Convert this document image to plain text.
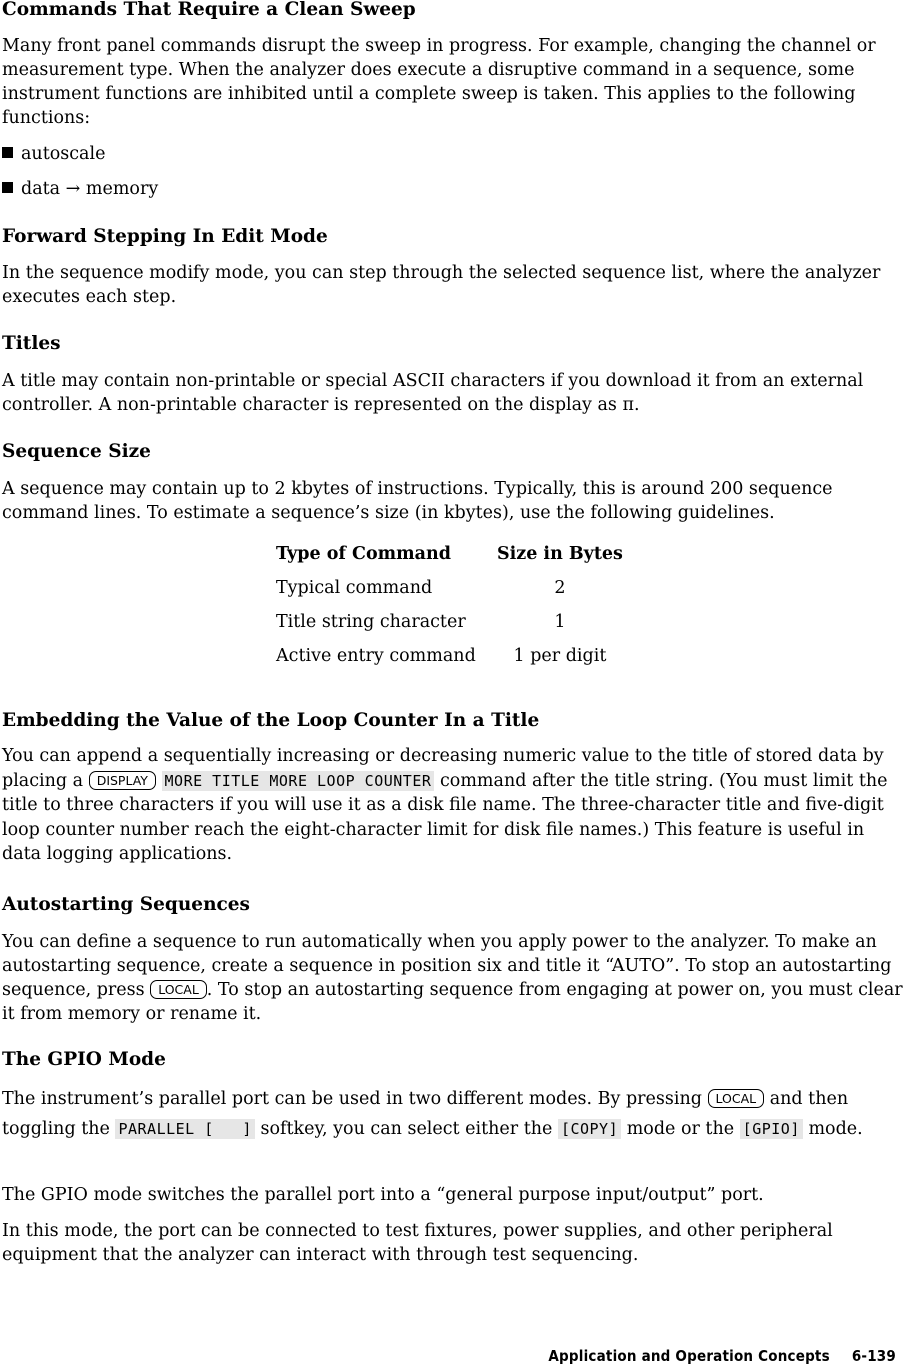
Commands That Require a Clean Sweep

Many front panel commands disrupt the sweep in progress. For example, changing the channel or measurement type. When the analyzer does execute a disruptive command in a sequence, some instrument functions are inhibited until a complete sweep is taken. This applies to the following functions:

autoscale
data → memory
Forward Stepping In Edit Mode

In the sequence modify mode, you can step through the selected sequence list, where the analyzer executes each step.

Titles

A title may contain non-printable or special ASCII characters if you download it from an external controller. A non-printable character is represented on the display as π.

Sequence Size

A sequence may contain up to 2 kbytes of instructions. Typically, this is around 200 sequence command lines. To estimate a sequence’s size (in kbytes), use the following guidelines.

Type of Command	Size in Bytes
Typical command	2
Title string character	1
Active entry command	1 per digit
Embedding the Value of the Loop Counter In a Title

You can append a sequentially increasing or decreasing numeric value to the title of stored data by placing a DISPLAY MORE TITLE MORE LOOP COUNTER command after the title string. (You must limit the title to three characters if you will use it as a disk file name. The three-character title and five-digit loop counter number reach the eight-character limit for disk file names.) This feature is useful in data logging applications.

Autostarting Sequences

You can define a sequence to run automatically when you apply power to the analyzer. To make an autostarting sequence, create a sequence in position six and title it “AUTO”. To stop an autostarting sequence, press LOCAL . To stop an autostarting sequence from engaging at power on, you must clear it from memory or rename it.

The GPIO Mode

The instrument’s parallel port can be used in two different modes. By pressing LOCAL and then toggling the PARALLEL [   ] softkey, you can select either the [COPY] mode or the [GPIO] mode.

The GPIO mode switches the parallel port into a “general purpose input/output” port.

In this mode, the port can be connected to test fixtures, power supplies, and other peripheral equipment that the analyzer can interact with through test sequencing.

Application and Operation Concepts 6-139
